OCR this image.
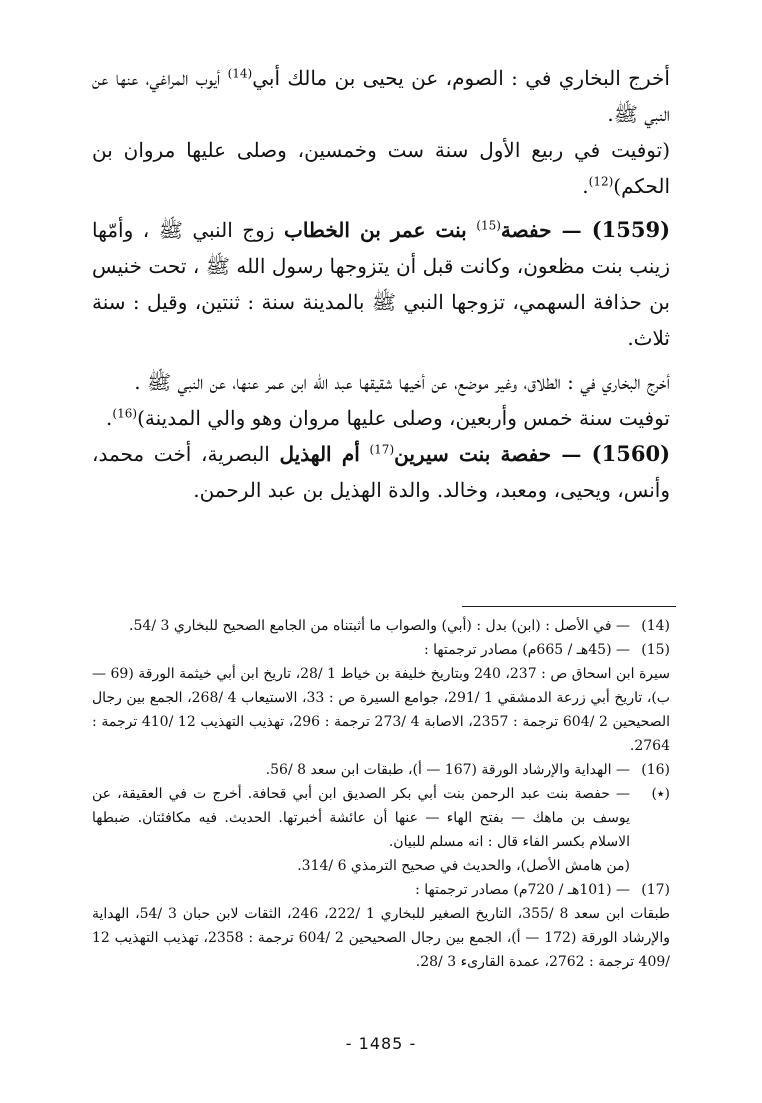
أخرج البخاري في : الصوم، عن يحيى بن مالك أبي$^{(14)}$ أيوب المراغي، عنها عن النبي ﷺ.

(توفيت في ربيع الأول سنة ست وخمسين، وصلى عليها مروان بن الحكم)$^{(12)}$.

(1559) — حفصة$^{(15)}$ بنت عمر بن الخطاب زوج النبي ﷺ ، وأمّها زينب بنت مظعون، وكانت قبل أن يتزوجها رسول الله ﷺ ، تحت خنيس بن حذافة السهمي، تزوجها النبي ﷺ بالمدينة سنة : ثنتين، وقيل : سنة ثلاث.

أخرج البخاري في : الطلاق، وغير موضع، عن أخيها شقيقها عبد الله ابن عمر عنها، عن النبي ﷺ .

توفيت سنة خمس وأربعين، وصلى عليها مروان وهو والي المدينة)$^{(16)}$.

(1560) — حفصة بنت سيرين$^{(17)}$ أم الهذيل البصرية، أخت محمد، وأنس، ويحيى، ومعبد، وخالد. والدة الهذيل بن عبد الرحمن.

(14)
— في الأصل : (ابن) بدل : (أبي) والصواب ما أثبتناه من الجامع الصحيح للبخاري 3 /54.
(15)
— (45هـ / 665م) مصادر ترجمتها :
سيرة ابن اسحاق ص : 237، 240 وبتاريخ خليفة بن خياط 1 /28، تاريخ ابن أبي خيثمة الورقة (69 — ب)، تاريخ أبي زرعة الدمشقي 1 /291، جوامع السيرة ص : 33، الاستيعاب 4 /268، الجمع بين رجال الصحيحين 2 /604 ترجمة : 2357، الاصابة 4 /273 ترجمة : 296، تهذيب التهذيب 12 /410 ترجمة : 2764.
(16)
— الهداية والإرشاد الورقة (167 — أ)، طبقات ابن سعد 8 /56.
(٭)
— حفصة بنت عبد الرحمن بنت أبي بكر الصديق ابن أبي قحافة. أخرج ت في العقيقة، عن يوسف بن ماهك — بفتح الهاء — عنها أن عائشة أخبرتها. الحديث. فيه مكافئتان. ضبطها الاسلام بكسر الفاء قال : انه مسلم للبيان.
(من هامش الأصل)، والحديث في صحيح الترمذي 6 /314.
(17)
— (101هـ / 720م) مصادر ترجمتها :
طبقات ابن سعد 8 /355، التاريخ الصغير للبخاري 1 /222، 246، الثقات لابن حبان 3 /54، الهداية والإرشاد الورقة (172 — أ)، الجمع بين رجال الصحيحين 2 /604 ترجمة : 2358، تهذيب التهذيب 12 /409 ترجمة : 2762، عمدة القارىء 3 /28.
- 1485 -
